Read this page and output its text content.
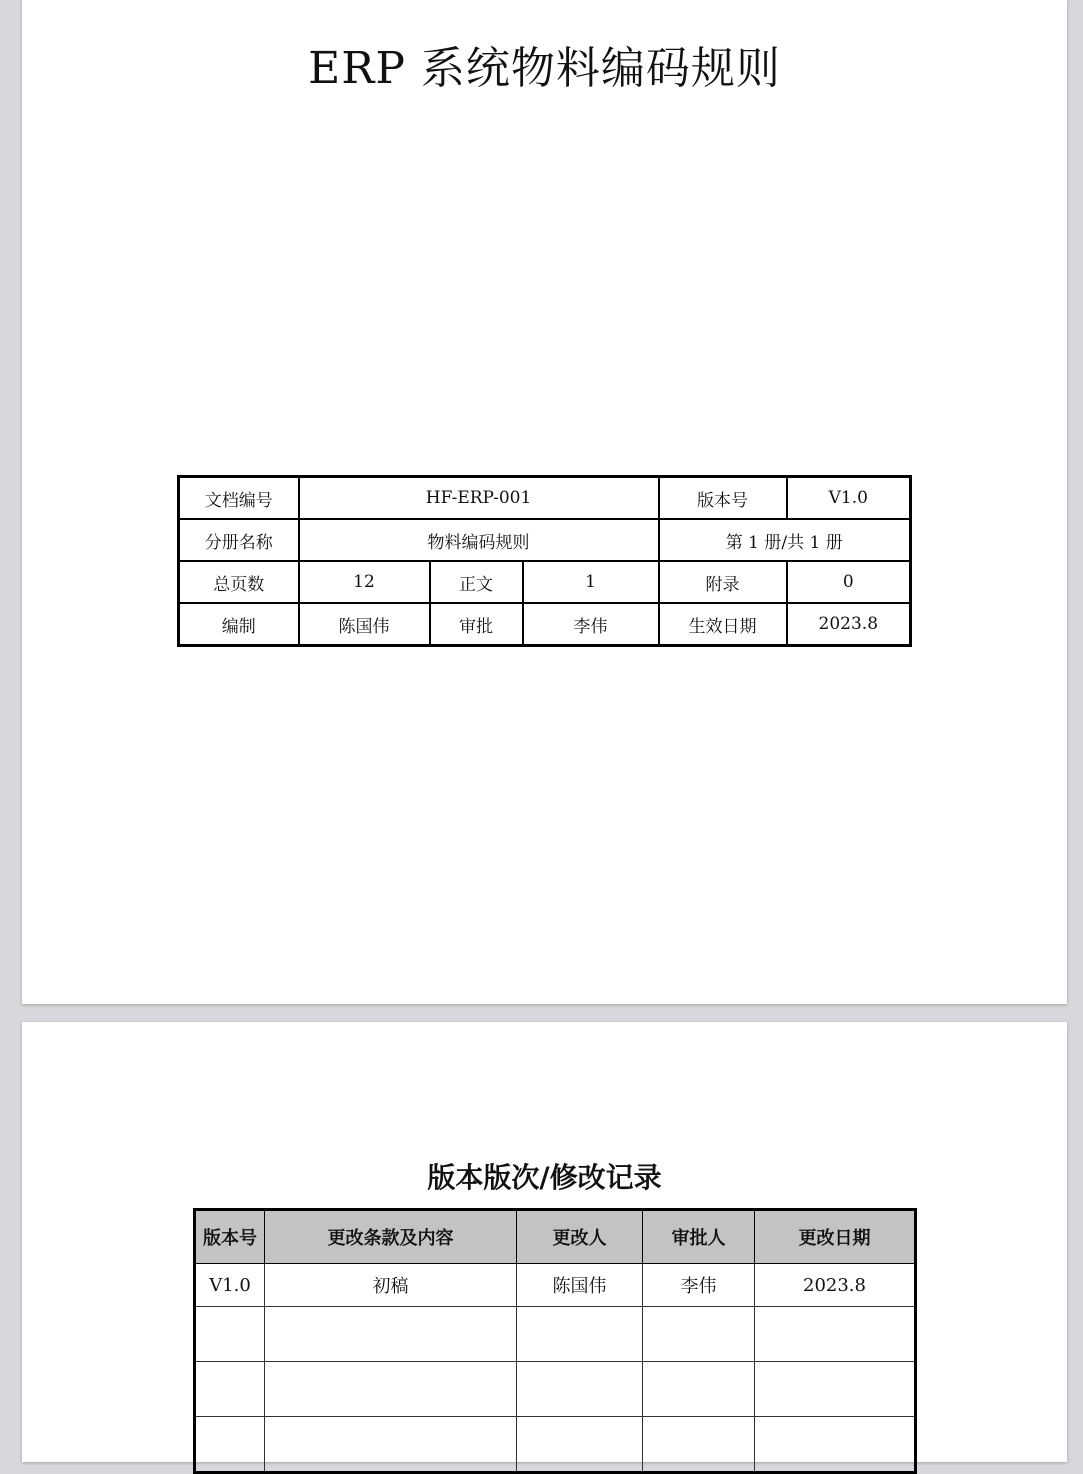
ERP 系统物料编码规则
文档编号	HF-ERP-001			版本号	V1.0
分册名称	物料编码规则			第 1 册/共 1 册	
总页数	12	正文	1	附录	0
编制	陈国伟	审批	李伟	生效日期	2023.8
版本版次/修改记录
版本号	更改条款及内容	更改人	审批人	更改日期
V1.0	初稿	陈国伟	李伟	2023.8
